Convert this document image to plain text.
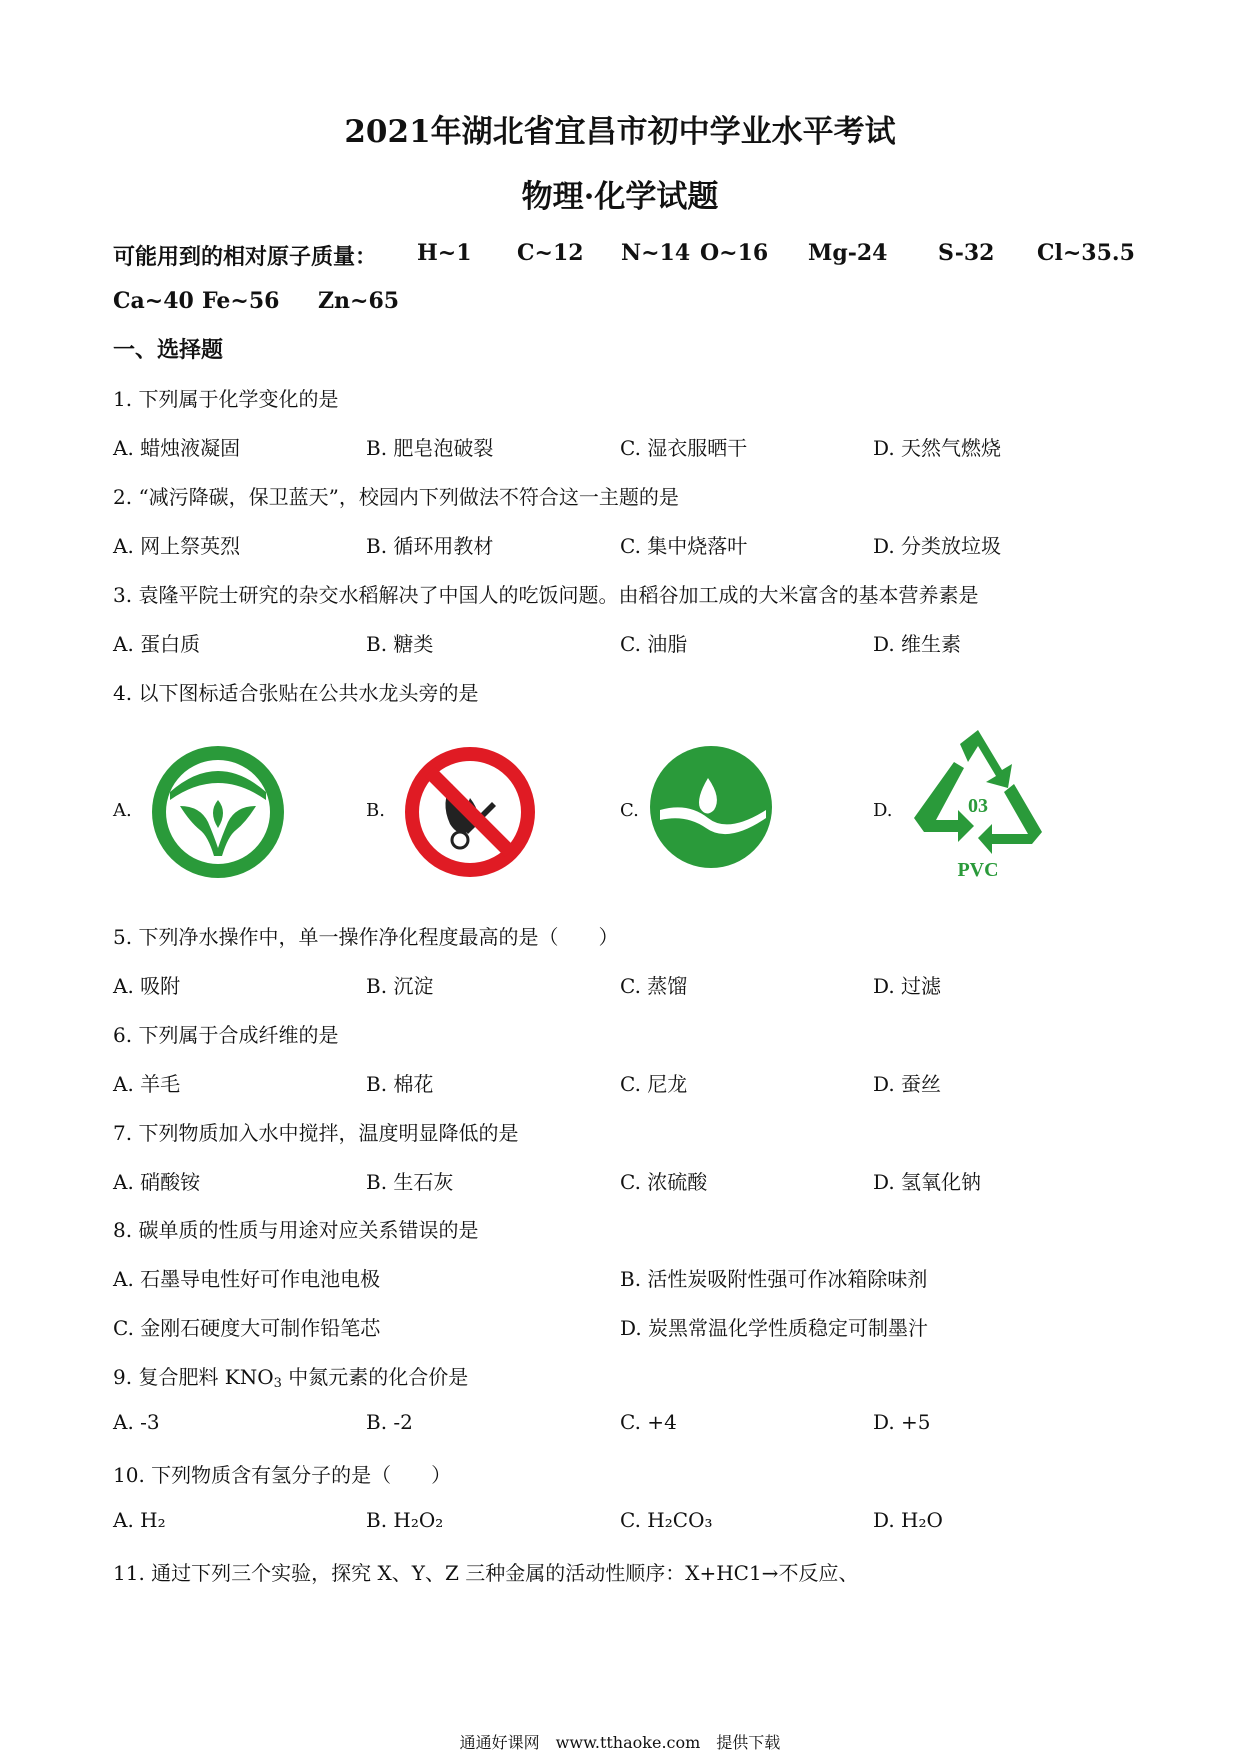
2021年湖北省宜昌市初中学业水平考试
物理·化学试题
可能用到的相对原子质量： H~1 C~12 N~14 O~16 Mg-24 S-32 Cl~35.5
Ca~40 Fe~56 Zn~65
一、选择题
1. 下列属于化学变化的是
A. 蜡烛液凝固	B. 肥皂泡破裂	C. 湿衣服晒干	D. 天然气燃烧
2. “减污降碳，保卫蓝天”，校园内下列做法不符合这一主题的是
A. 网上祭英烈	B. 循环用教材	C. 集中烧落叶	D. 分类放垃圾
3. 袁隆平院士研究的杂交水稻解决了中国人的吃饭问题。由稻谷加工成的大米富含的基本营养素是
A. 蛋白质	B. 糖类	C. 油脂	D. 维生素
4. 以下图标适合张贴在公共水龙头旁的是
A.	B.	C.	D.	03
PVC
5. 下列净水操作中，单一操作净化程度最高的是（　　）
A. 吸附	B. 沉淀	C. 蒸馏	D. 过滤
6. 下列属于合成纤维的是
A. 羊毛	B. 棉花	C. 尼龙	D. 蚕丝
7. 下列物质加入水中搅拌，温度明显降低的是
A. 硝酸铵	B. 生石灰	C. 浓硫酸	D. 氢氧化钠
8. 碳单质的性质与用途对应关系错误的是
A. 石墨导电性好可作电池电极	B. 活性炭吸附性强可作冰箱除味剂
C. 金刚石硬度大可制作铅笔芯	D. 炭黑常温化学性质稳定可制墨汁
9. 复合肥料 $KNO_3$ 中氮元素的化合价是
A. -3	B. -2	C. +4	D. +5
10. 下列物质含有氢分子的是（　　）
A. H₂	B. H₂O₂	C. H₂CO₃	D. H₂O
11. 通过下列三个实验，探究 X、Y、Z 三种金属的活动性顺序：X+HC1→不反应、
通通好课网　www.tthaoke.com　提供下载
